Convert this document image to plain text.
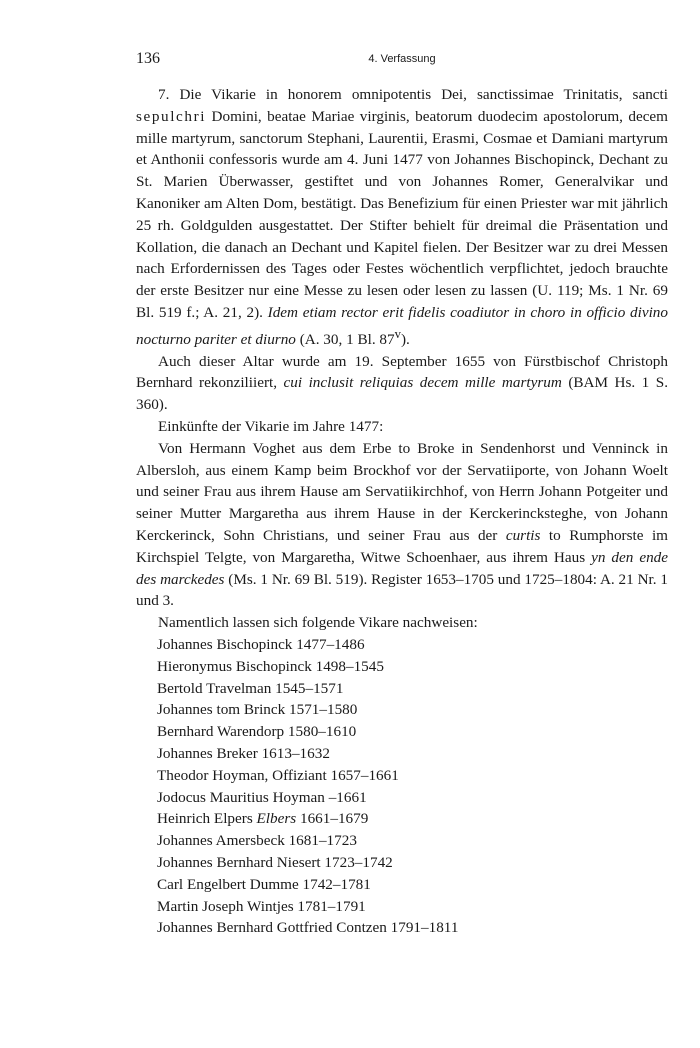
136	4. Verfassung

7. Die Vikarie in honorem omnipotentis Dei, sanctissimae Trinitatis, sancti sepulchri Domini, beatae Mariae virginis, beatorum duodecim apostolorum, decem mille martyrum, sanctorum Stephani, Laurentii, Erasmi, Cosmae et Damiani martyrum et Anthonii confessoris wurde am 4. Juni 1477 von Johannes Bischopinck, Dechant zu St. Marien Überwasser, gestiftet und von Johannes Romer, Generalvikar und Kanoniker am Alten Dom, bestätigt. Das Benefizium für einen Priester war mit jährlich 25 rh. Goldgulden ausgestattet. Der Stifter behielt für dreimal die Präsentation und Kollation, die danach an Dechant und Kapitel fielen. Der Besitzer war zu drei Messen nach Erfordernissen des Tages oder Festes wöchentlich verpflichtet, jedoch brauchte der erste Besitzer nur eine Messe zu lesen oder lesen zu lassen (U. 119; Ms. 1 Nr. 69 Bl. 519 f.; A. 21, 2). Idem etiam rector erit fidelis coadiutor in choro in officio divino nocturno pariter et diurno (A. 30, 1 Bl. 87$^v$).

Auch dieser Altar wurde am 19. September 1655 von Fürstbischof Christoph Bernhard rekonziliiert, cui inclusit reliquias decem mille martyrum (BAM Hs. 1 S. 360).

Einkünfte der Vikarie im Jahre 1477:

Von Hermann Voghet aus dem Erbe to Broke in Sendenhorst und Venninck in Albersloh, aus einem Kamp beim Brockhof vor der Servatiiporte, von Johann Woelt und seiner Frau aus ihrem Hause am Servatiikirchhof, von Herrn Johann Potgeiter und seiner Mutter Margaretha aus ihrem Hause in der Kerckerincksteghe, von Johann Kerckerinck, Sohn Christians, und seiner Frau aus der curtis to Rumphorste im Kirchspiel Telgte, von Margaretha, Witwe Schoenhaer, aus ihrem Haus yn den ende des marckedes (Ms. 1 Nr. 69 Bl. 519). Register 1653–1705 und 1725–1804: A. 21 Nr. 1 und 3.

Namentlich lassen sich folgende Vikare nachweisen:

Johannes Bischopinck 1477–1486
Hieronymus Bischopinck 1498–1545
Bertold Travelman 1545–1571
Johannes tom Brinck 1571–1580
Bernhard Warendorp 1580–1610
Johannes Breker 1613–1632
Theodor Hoyman, Offiziant 1657–1661
Jodocus Mauritius Hoyman –1661
Heinrich Elpers Elbers 1661–1679
Johannes Amersbeck 1681–1723
Johannes Bernhard Niesert 1723–1742
Carl Engelbert Dumme 1742–1781
Martin Joseph Wintjes 1781–1791
Johannes Bernhard Gottfried Contzen 1791–1811
